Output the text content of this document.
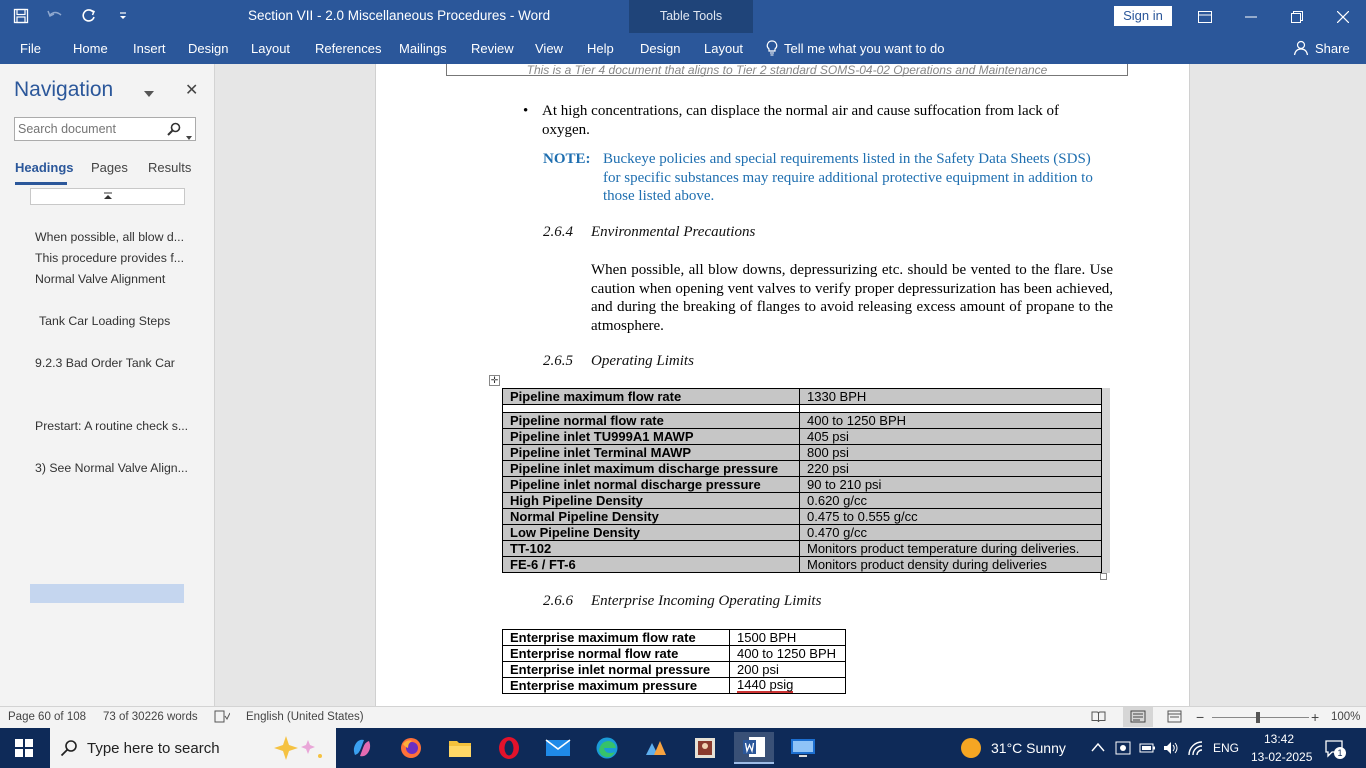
Section VII - 2.0 Miscellaneous Procedures - Word	Table Tools	Sign in
File Home Insert Design Layout References Mailings Review View Help Design Layout	Tell me what you want to do	Share
Navigation	✕
Search document
Headings Pages Results
When possible, all blow d...
This procedure provides f...
Normal Valve Alignment
Tank Car Loading Steps
9.2.3 Bad Order Tank Car
Prestart: A routine check s...
3) See Normal Valve Align...
This is a Tier 4 document that aligns to Tier 2 standard SOMS-04-02 Operations and Maintenance
• At high concentrations, can displace the normal air and cause suffocation from lack of oxygen.
NOTE: Buckeye policies and special requirements listed in the Safety Data Sheets (SDS) for specific substances may require additional protective equipment in addition to those listed above.
2.6.4 Environmental Precautions
When possible, all blow downs, depressurizing etc. should be vented to the flare. Use caution when opening vent valves to verify proper depressurization has been achieved, and during the breaking of flanges to avoid releasing excess amount of propane to the atmosphere.
2.6.5 Operating Limits
✛
Pipeline maximum flow rate	1330 BPH

Pipeline normal flow rate	400 to 1250 BPH
Pipeline inlet TU999A1 MAWP	405 psi
Pipeline inlet Terminal MAWP	800 psi
Pipeline inlet maximum discharge pressure	220 psi
Pipeline inlet normal discharge pressure	90 to 210 psi
High Pipeline Density	0.620 g/cc
Normal Pipeline Density	0.475 to 0.555 g/cc
Low Pipeline Density	0.470 g/cc
TT-102	Monitors product temperature during deliveries.
FE-6 / FT-6	Monitors product density during deliveries
2.6.6 Enterprise Incoming Operating Limits
Enterprise maximum flow rate	1500 BPH
Enterprise normal flow rate	400 to 1250 BPH
Enterprise inlet normal pressure	200 psi
Enterprise maximum pressure	1440 psig
Page 60 of 108 73 of 30226 words	English (United States)	−	+ 100%
Type here to search	31°C Sunny	ENG
13:42
13-02-2025	1
